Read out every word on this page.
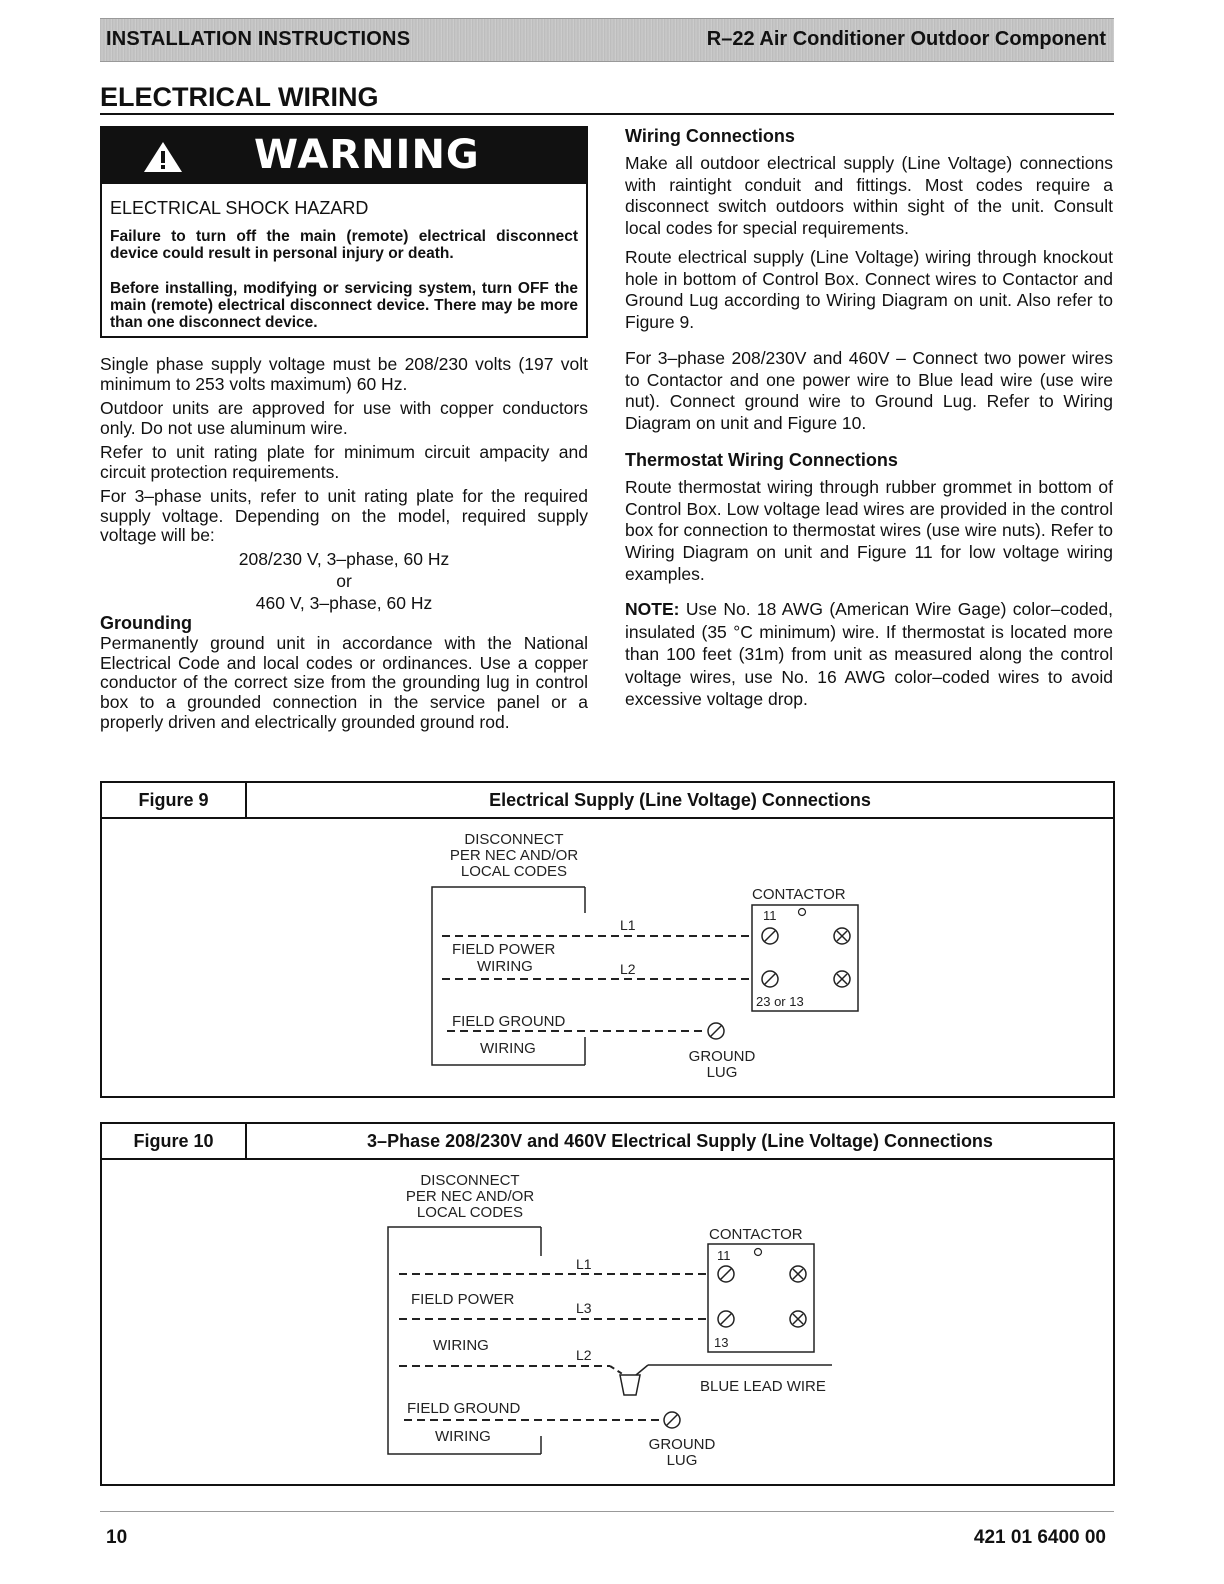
INSTALLATION INSTRUCTIONS	R–22 Air Conditioner Outdoor Component
ELECTRICAL WIRING
WARNING
ELECTRICAL SHOCK HAZARD
Failure to turn off the main (remote) electrical disconnect device could result in personal injury or death.
Before installing, modifying or servicing system, turn OFF the main (remote) electrical disconnect device. There may be more than one disconnect device.
Single phase supply voltage must be 208/230 volts (197 volt minimum to 253 volts maximum) 60 Hz.
Outdoor units are approved for use with copper conductors only. Do not use aluminum wire.
Refer to unit rating plate for minimum circuit ampacity and circuit protection requirements.
For 3–phase units, refer to unit rating plate for the required supply voltage. Depending on the model, required supply voltage will be:
208/230 V, 3–phase, 60 Hz
or
460 V, 3–phase, 60 Hz
Grounding
Permanently ground unit in accordance with the National Electrical Code and local codes or ordinances. Use a copper conductor of the correct size from the grounding lug in control box to a grounded connection in the service panel or a properly driven and electrically grounded ground rod.
Wiring Connections
Make all outdoor electrical supply (Line Voltage) connections with raintight conduit and fittings. Most codes require a disconnect switch outdoors within sight of the unit. Consult local codes for special requirements.
Route electrical supply (Line Voltage) wiring through knockout hole in bottom of Control Box. Connect wires to Contactor and Ground Lug according to Wiring Diagram on unit. Also refer to Figure 9.
For 3–phase 208/230V and 460V – Connect two power wires to Contactor and one power wire to Blue lead wire (use wire nut). Connect ground wire to Ground Lug. Refer to Wiring Diagram on unit and Figure 10.
Thermostat Wiring Connections
Route thermostat wiring through rubber grommet in bottom of Control Box. Low voltage lead wires are provided in the control box for connection to thermostat wires (use wire nuts). Refer to Wiring Diagram on unit and Figure 11 for low voltage wiring examples.
NOTE: Use No. 18 AWG (American Wire Gage) color–coded, insulated (35 °C minimum) wire. If thermostat is located more than 100 feet (31m) from unit as measured along the control voltage wires, use No. 16 AWG color–coded wires to avoid excessive voltage drop.
Figure 9	Electrical Supply (Line Voltage) Connections
DISCONNECT
PER NEC AND/OR
LOCAL CODES
L1
L2
FIELD POWER
WIRING
FIELD GROUND
WIRING
CONTACTOR
11
23 or 13
GROUND
LUG
Figure 10	3–Phase 208/230V and 460V Electrical Supply (Line Voltage) Connections
DISCONNECT
PER NEC AND/OR
LOCAL CODES
L1
L3
L2
FIELD POWER
WIRING
FIELD GROUND
WIRING
BLUE LEAD WIRE
CONTACTOR
11
13
GROUND
LUG
10	421 01 6400 00
